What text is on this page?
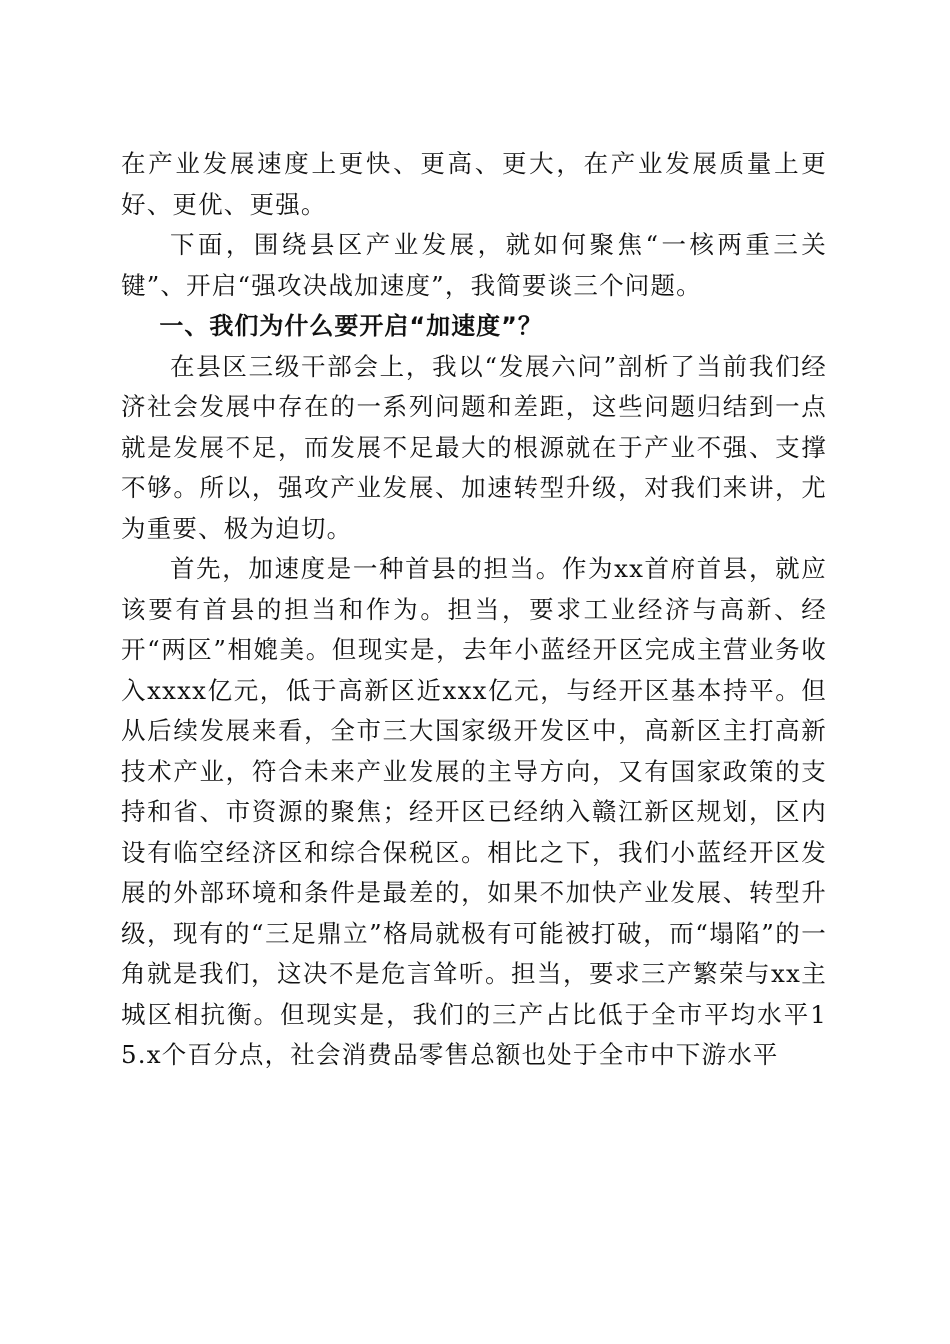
在产业发展速度上更快、更高、更大，在产业发展质量上更好、更优、更强。

下面，围绕县区产业发展，就如何聚焦“一核两重三关键”、开启“强攻决战加速度”，我简要谈三个问题。

一、我们为什么要开启“加速度”？

在县区三级干部会上，我以“发展六问”剖析了当前我们经济社会发展中存在的一系列问题和差距，这些问题归结到一点就是发展不足，而发展不足最大的根源就在于产业不强、支撑不够。所以，强攻产业发展、加速转型升级，对我们来讲，尤为重要、极为迫切。

首先，加速度是一种首县的担当。作为xx首府首县，就应该要有首县的担当和作为。担当，要求工业经济与高新、经开“两区”相媲美。但现实是，去年小蓝经开区完成主营业务收入xxxx亿元，低于高新区近xxx亿元，与经开区基本持平。但从后续发展来看，全市三大国家级开发区中，高新区主打高新技术产业，符合未来产业发展的主导方向，又有国家政策的支持和省、市资源的聚焦；经开区已经纳入赣江新区规划，区内设有临空经济区和综合保税区。相比之下，我们小蓝经开区发展的外部环境和条件是最差的，如果不加快产业发展、转型升级，现有的“三足鼎立”格局就极有可能被打破，而“塌陷”的一角就是我们，这决不是危言耸听。担当，要求三产繁荣与xx主城区相抗衡。但现实是，我们的三产占比低于全市平均水平15.x个百分点，社会消费品零售总额也处于全市中下游水平
